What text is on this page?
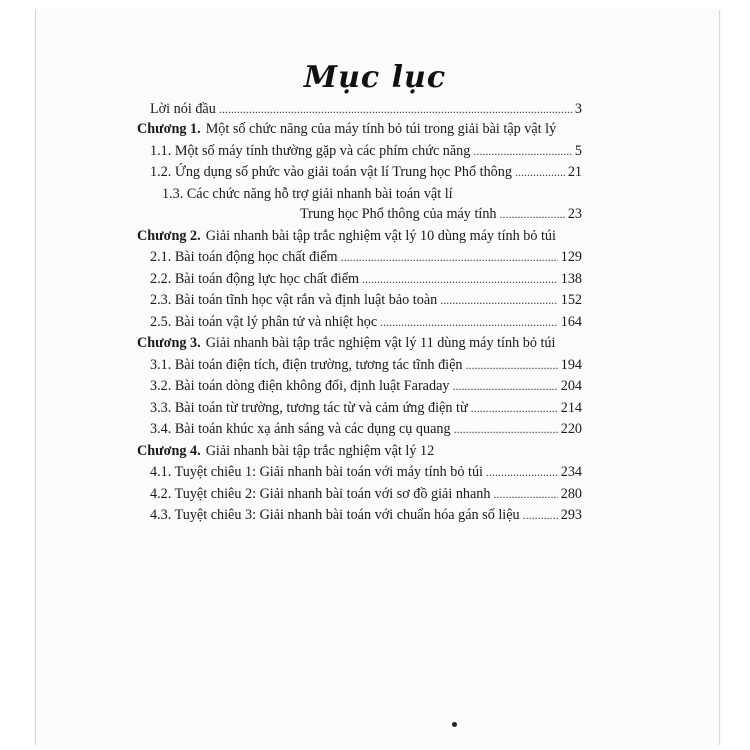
Mục lục
Lời nói đầu . . .	3
Chương 1. Một số chức năng của máy tính bỏ túi trong giải bài tập vật lý
1.1. Một số máy tính thường gặp và các phím chức năng . . .	5
1.2. Ứng dụng số phức vào giải toán vật lí Trung học Phổ thông . . .	21
1.3. Các chức năng hỗ trợ giải nhanh bài toán vật lí
Trung học Phổ thông của máy tính . . .	23
Chương 2. Giải nhanh bài tập trắc nghiệm vật lý 10 dùng máy tính bỏ túi
2.1. Bài toán động học chất điểm . . .	129
2.2. Bài toán động lực học chất điểm . . .	138
2.3. Bài toán tĩnh học vật rắn và định luật bảo toàn . . .	152
2.5. Bài toán vật lý phân tử và nhiệt học . . .	164
Chương 3. Giải nhanh bài tập trắc nghiệm vật lý 11 dùng máy tính bỏ túi
3.1. Bài toán điện tích, điện trường, tương tác tĩnh điện . . .	194
3.2. Bài toán dòng điện không đổi, định luật Faraday . . .	204
3.3. Bài toán từ trường, tương tác từ và cảm ứng điện từ . . .	214
3.4. Bài toán khúc xạ ánh sáng và các dụng cụ quang . . .	220
Chương 4. Giải nhanh bài tập trắc nghiệm vật lý 12
4.1. Tuyệt chiêu 1: Giải nhanh bài toán với máy tính bỏ túi . . .	234
4.2. Tuyệt chiêu 2: Giải nhanh bài toán với sơ đồ giải nhanh . . .	280
4.3. Tuyệt chiêu 3: Giải nhanh bài toán với chuẩn hóa gán số liệu . . .	293
